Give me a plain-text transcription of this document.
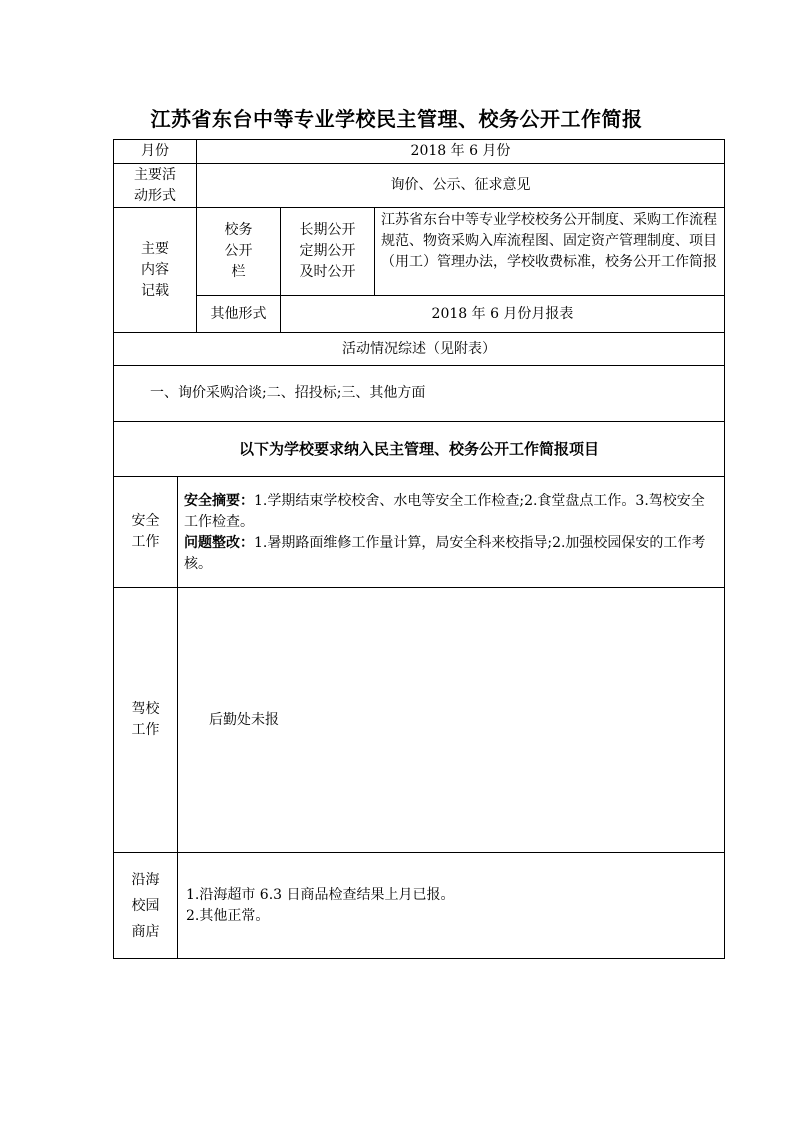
江苏省东台中等专业学校民主管理、校务公开工作简报
月份	2018 年 6 月份
主要活
动形式
询价、公示、征求意见
主要
内容
记载
校务
公开
栏
长期公开
定期公开
及时公开
江苏省东台中等专业学校校务公开制度、采购工作流程规范、物资采购入库流程图、固定资产管理制度、项目（用工）管理办法，学校收费标准，校务公开工作简报
其他形式	2018 年 6 月份月报表
活动情况综述（见附表）
一、询价采购洽谈;二、招投标;三、其他方面
以下为学校要求纳入民主管理、校务公开工作简报项目
安全
工作
安全摘要：1.学期结束学校校舍、水电等安全工作检查;2.食堂盘点工作。3.驾校安全工作检查。
问题整改：1.暑期路面维修工作量计算，局安全科来校指导;2.加强校园保安的工作考核。
驾校
工作
后勤处未报
沿海
校园
商店
1.沿海超市 6.3 日商品检查结果上月已报。
2.其他正常。
